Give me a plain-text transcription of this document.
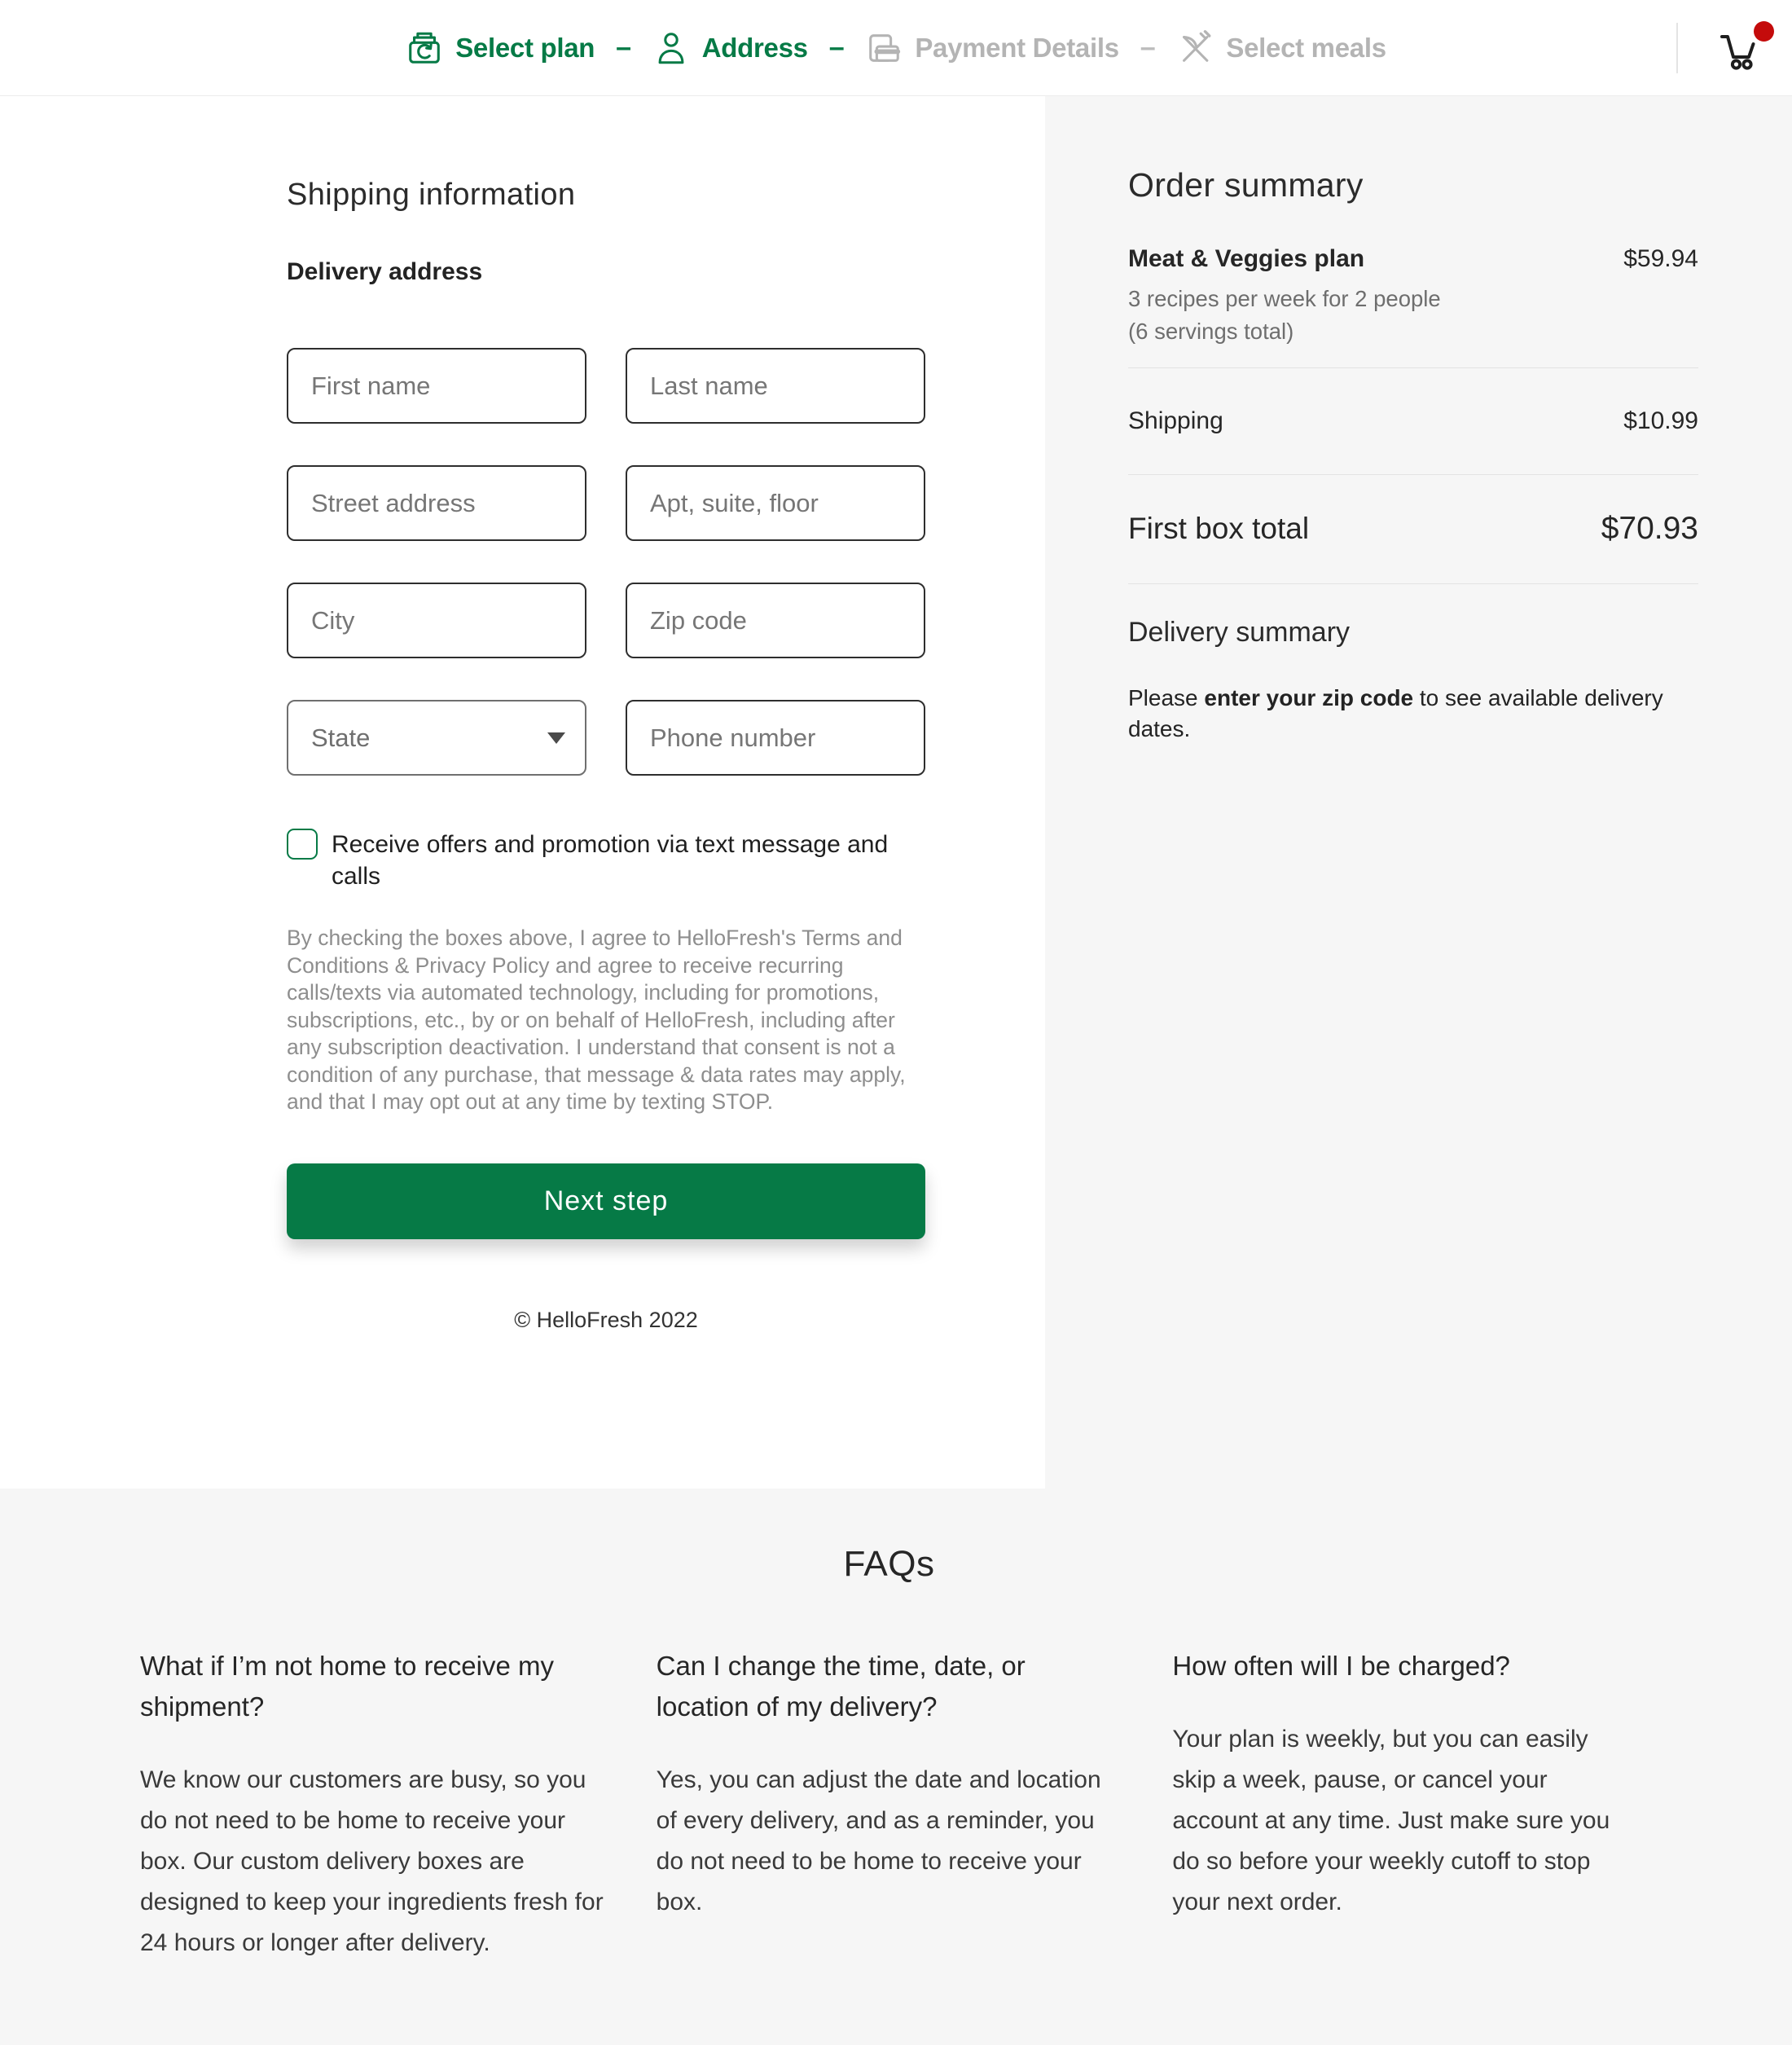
Select plan –	Address –	Payment Details –	Select meals
Shipping information
Delivery address
First name
Last name
Street address
Apt, suite, floor
City
Zip code
State
Phone number
Receive offers and promotion via text message and calls

By checking the boxes above, I agree to HelloFresh's Terms and Conditions & Privacy Policy and agree to receive recurring calls/texts via automated technology, including for promotions, subscriptions, etc., by or on behalf of HelloFresh, including after any subscription deactivation. I understand that consent is not a condition of any purchase, that message & data rates may apply, and that I may opt out at any time by texting STOP.

Next step

© HelloFresh 2022

Order summary
Meat & Veggies plan	$59.94
3 recipes per week for 2 people
(6 servings total)
Shipping	$10.99
First box total	$70.93
Delivery summary

Please enter your zip code to see available delivery dates.

FAQs

What if I’m not home to receive my shipment?

We know our customers are busy, so you do not need to be home to receive your box. Our custom delivery boxes are designed to keep your ingredients fresh for 24 hours or longer after delivery.

Can I change the time, date, or location of my delivery?

Yes, you can adjust the date and location of every delivery, and as a reminder, you do not need to be home to receive your box.

How often will I be charged?

Your plan is weekly, but you can easily skip a week, pause, or cancel your account at any time. Just make sure you do so before your weekly cutoff to stop your next order.
